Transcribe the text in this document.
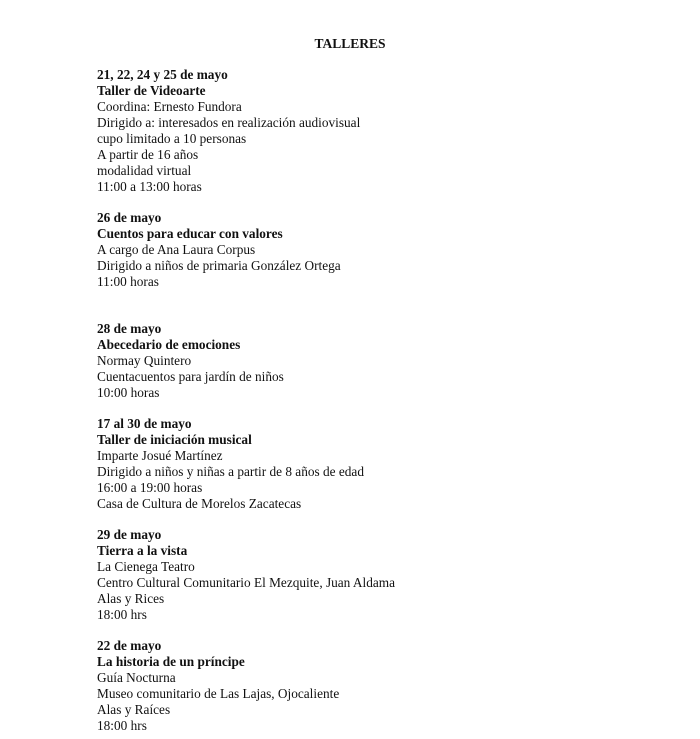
TALLERES
21, 22, 24 y 25 de mayo
Taller de Videoarte
Coordina: Ernesto Fundora
Dirigido a: interesados en realización audiovisual
cupo limitado a 10 personas
A partir de 16 años
modalidad virtual
11:00 a 13:00 horas
26 de mayo
Cuentos para educar con valores
A cargo de Ana Laura Corpus
Dirigido a niños de primaria González Ortega
11:00 horas
28 de mayo
Abecedario de emociones
Normay Quintero
Cuentacuentos para jardín de niños
10:00 horas
17 al 30 de mayo
Taller de iniciación musical
Imparte Josué Martínez
Dirigido a niños y niñas a partir de 8 años de edad
16:00 a 19:00 horas
Casa de Cultura de Morelos Zacatecas
29 de mayo
Tierra a la vista
La Cienega Teatro
Centro Cultural Comunitario El Mezquite, Juan Aldama
Alas y Rices
18:00 hrs
22 de mayo
La historia de un príncipe
Guía Nocturna
Museo comunitario de Las Lajas, Ojocaliente
Alas y Raíces
18:00 hrs
